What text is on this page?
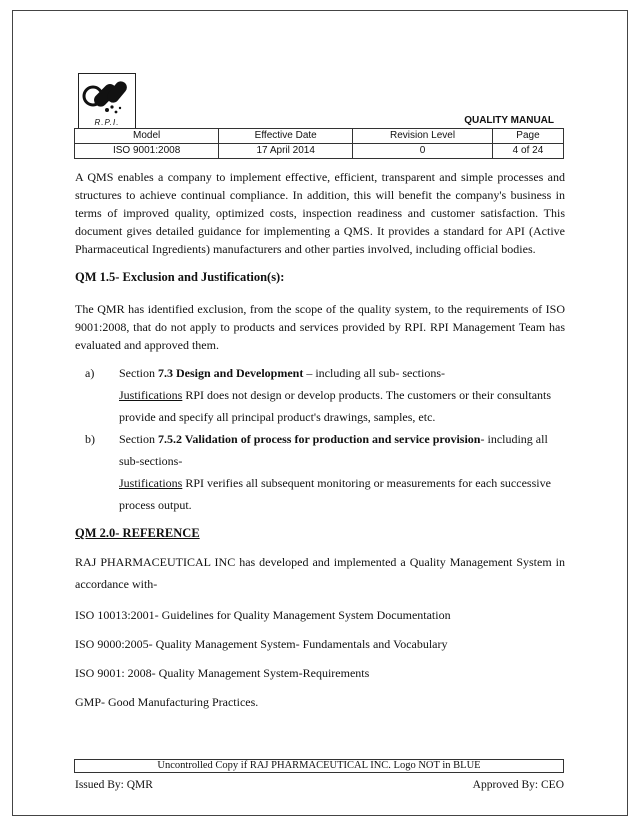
R.P.I.	QUALITY MANUAL
Model	Effective Date	Revision Level	Page
ISO 9001:2008	17 April 2014	0	4 of 24

A QMS enables a company to implement effective, efficient, transparent and simple processes and structures to achieve continual compliance. In addition, this will benefit the company's business in terms of improved quality, optimized costs, inspection readiness and customer satisfaction. This document gives detailed guidance for implementing a QMS. It provides a standard for API (Active Pharmaceutical Ingredients) manufacturers and other parties involved, including official bodies.

QM 1.5- Exclusion and Justification(s):

The QMR has identified exclusion, from the scope of the quality system, to the requirements of ISO 9001:2008, that do not apply to products and services provided by RPI. RPI Management Team has evaluated and approved them.

a) Section 7.3 Design and Development – including all sub- sections-
Justifications RPI does not design or develop products. The customers or their consultants provide and specify all principal product's drawings, samples, etc.
b) Section 7.5.2 Validation of process for production and service provision- including all sub-sections-
Justifications RPI verifies all subsequent monitoring or measurements for each successive process output.

QM 2.0- REFERENCE

RAJ PHARMACEUTICAL INC has developed and implemented a Quality Management System in accordance with-

ISO 10013:2001- Guidelines for Quality Management System Documentation

ISO 9000:2005- Quality Management System- Fundamentals and Vocabulary

ISO 9001: 2008- Quality Management System-Requirements

GMP- Good Manufacturing Practices.

Uncontrolled Copy if RAJ PHARMACEUTICAL INC. Logo NOT in BLUE
Issued By: QMR	Approved By: CEO
